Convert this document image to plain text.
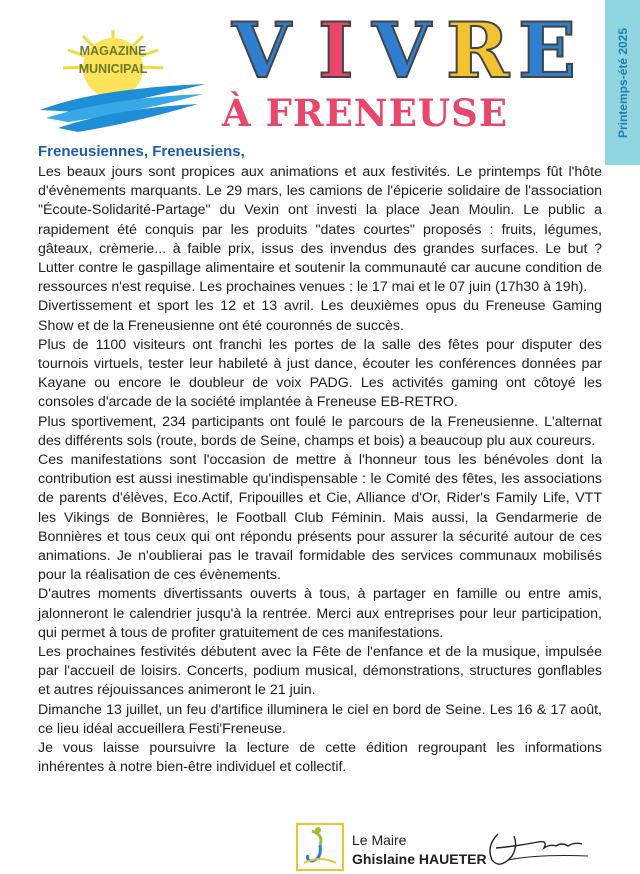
Printemps-été 2025
MAGAZINE
MUNICIPAL	V I V R E
À FRENEUSE
Freneusiennes, Freneusiens,

Les beaux jours sont propices aux animations et aux festivités. Le printemps fût l'hôte d'évènements marquants. Le 29 mars, les camions de l'épicerie solidaire de l'association "Écoute-Solidarité-Partage" du Vexin ont investi la place Jean Moulin. Le public a rapidement été conquis par les produits "dates courtes" proposés : fruits, légumes, gâteaux, crèmerie... à faible prix, issus des invendus des grandes surfaces. Le but ? Lutter contre le gaspillage alimentaire et soutenir la communauté car aucune condition de ressources n'est requise. Les prochaines venues : le 17 mai et le 07 juin (17h30 à 19h).

Divertissement et sport les 12 et 13 avril. Les deuxièmes opus du Freneuse Gaming Show et de la Freneusienne ont été couronnés de succès.

Plus de 1100 visiteurs ont franchi les portes de la salle des fêtes pour disputer des tournois virtuels, tester leur habileté à just dance, écouter les conférences données par Kayane ou encore le doubleur de voix PADG. Les activités gaming ont côtoyé les consoles d'arcade de la société implantée à Freneuse EB-RETRO.

Plus sportivement, 234 participants ont foulé le parcours de la Freneusienne. L'alternat des différents sols (route, bords de Seine, champs et bois) a beaucoup plu aux coureurs.

Ces manifestations sont l'occasion de mettre à l'honneur tous les bénévoles dont la contribution est aussi inestimable qu'indispensable : le Comité des fêtes, les associations de parents d'élèves, Eco.Actif, Fripouilles et Cie, Alliance d'Or, Rider's Family Life, VTT les Vikings de Bonnières, le Football Club Féminin. Mais aussi, la Gendarmerie de Bonnières et tous ceux qui ont répondu présents pour assurer la sécurité autour de ces animations. Je n'oublierai pas le travail formidable des services communaux mobilisés pour la réalisation de ces évènements.

D'autres moments divertissants ouverts à tous, à partager en famille ou entre amis, jalonneront le calendrier jusqu'à la rentrée. Merci aux entreprises pour leur participation, qui permet à tous de profiter gratuitement de ces manifestations.

Les prochaines festivités débutent avec la Fête de l'enfance et de la musique, impulsée par l'accueil de loisirs. Concerts, podium musical, démonstrations, structures gonflables et autres réjouissances animeront le 21 juin.

Dimanche 13 juillet, un feu d'artifice illuminera le ciel en bord de Seine. Les 16 & 17 août, ce lieu idéal accueillera Festi'Freneuse.

Je vous laisse poursuivre la lecture de cette édition regroupant les informations inhérentes à notre bien-être individuel et collectif.

Le Maire
Ghislaine HAUETER
